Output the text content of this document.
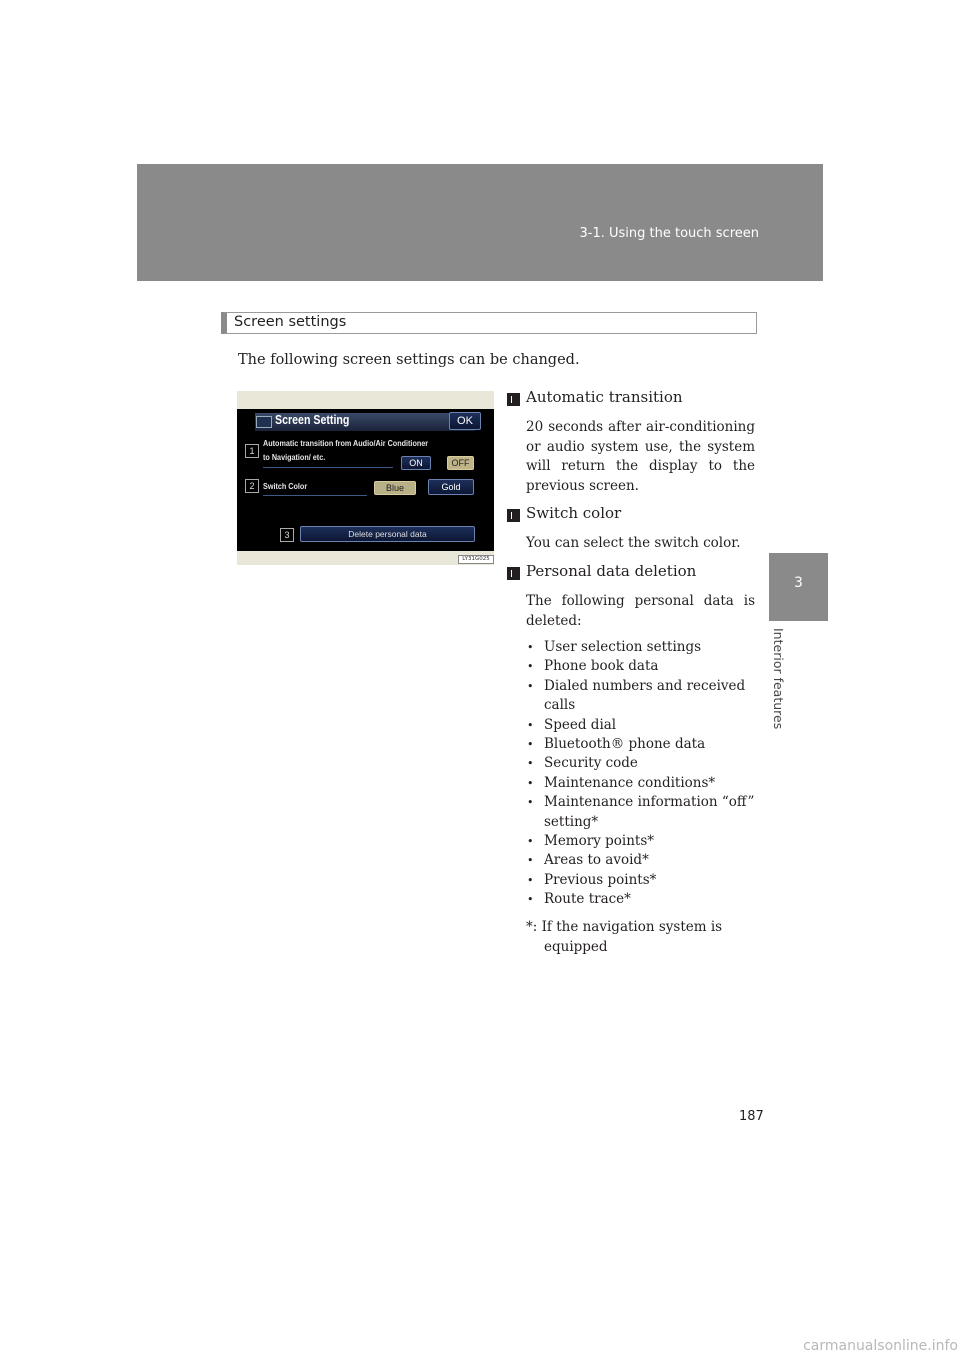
3-1. Using the touch screen
3
Interior features
Screen settings
The following screen settings can be changed.
Screen Setting	OK
1
Automatic transition from Audio/Air Conditioner
to Navigation/ etc.
ON	OFF
2	Switch Color	Blue	Gold
3	Delete personal data
LY31G025
Automatic transition
20 seconds after air-conditioning or audio system use, the system will return the display to the previous screen.
Switch color
You can select the switch color.
Personal data deletion
The following personal data is deleted:
• User selection settings
• Phone book data
• Dialed numbers and received calls
• Speed dial
• Bluetooth® phone data
• Security code
• Maintenance conditions*
• Maintenance information “off” setting*
• Memory points*
• Areas to avoid*
• Previous points*
• Route trace*
*: If the navigation system is equipped
187
carmanualsonline.info
